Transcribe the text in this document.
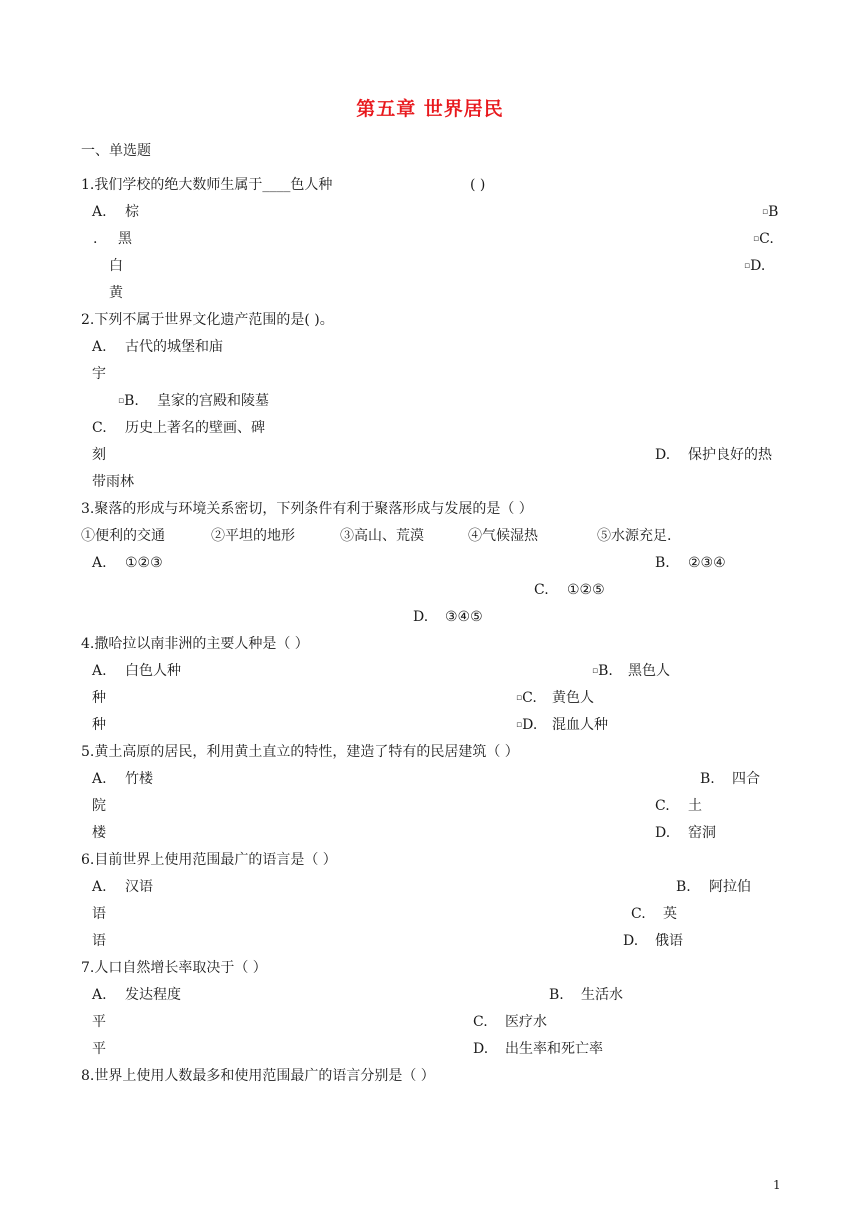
第五章 世界居民
一、单选题
1.我们学校的绝大数师生属于____色人种	( )
A. 棕	▫B
. 黑	▫C.
白	▫D.
黄
2.下列不属于世界文化遗产范围的是( )。
A. 古代的城堡和庙
宇
▫B. 皇家的宫殿和陵墓
C. 历史上著名的壁画、碑
刻	D. 保护良好的热
带雨林
3.聚落的形成与环境关系密切，下列条件有利于聚落形成与发展的是（ ）
①便利的交通	②平坦的地形	③高山、荒漠	④气候湿热	⑤水源充足.
A. ①②③	B. ②③④
C. ①②⑤
D. ③④⑤
4.撒哈拉以南非洲的主要人种是（ ）
A. 白色人种	▫B. 黑色人
种	▫C. 黄色人
种	▫D. 混血人种
5.黄土高原的居民，利用黄土直立的特性，建造了特有的民居建筑（ ）
A. 竹楼	B. 四合
院	C. 土
楼	D. 窑洞
6.目前世界上使用范围最广的语言是（ ）
A. 汉语	B. 阿拉伯
语	C. 英
语	D. 俄语
7.人口自然增长率取决于（ ）
A. 发达程度	B. 生活水
平	C. 医疗水
平	D. 出生率和死亡率
8.世界上使用人数最多和使用范围最广的语言分别是（ ）
1
